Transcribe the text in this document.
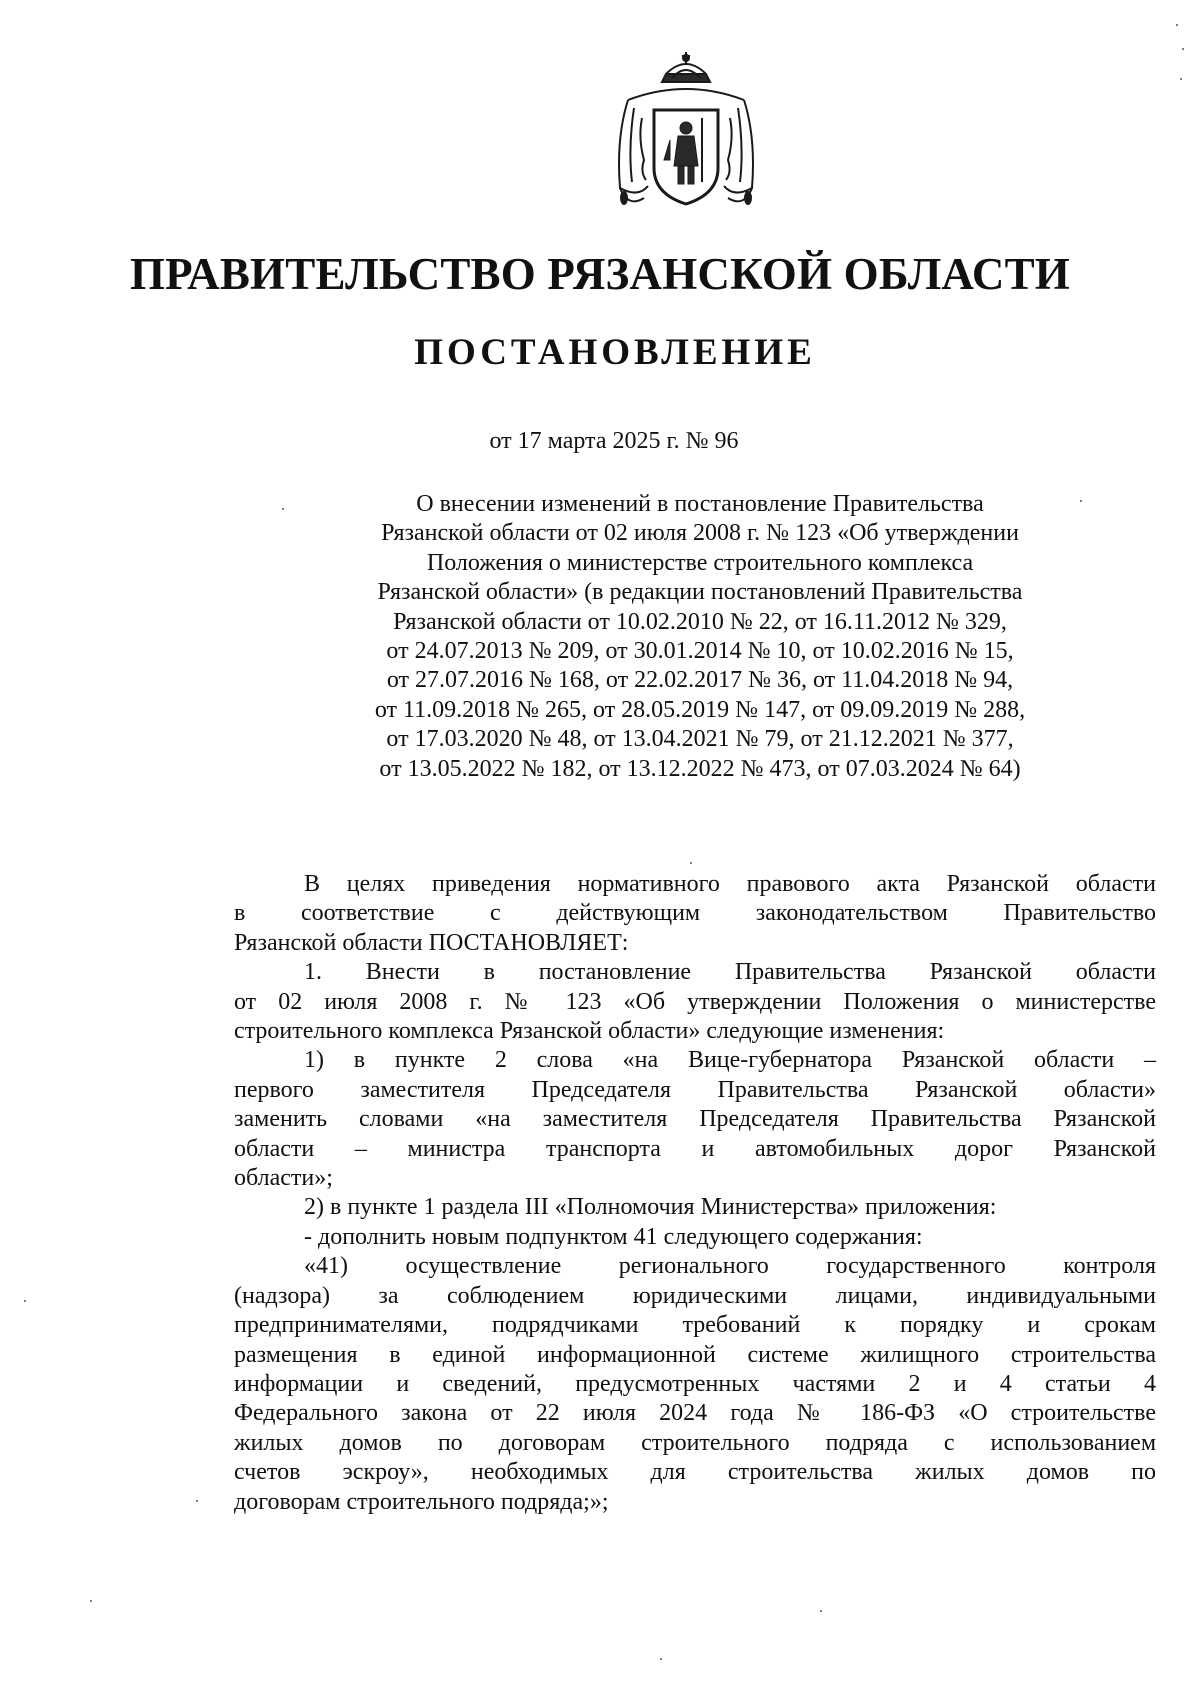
ПРАВИТЕЛЬСТВО РЯЗАНСКОЙ ОБЛАСТИ
ПОСТАНОВЛЕНИЕ
от 17 марта 2025 г. № 96
О внесении изменений в постановление Правительства
Рязанской области от 02 июля 2008 г. № 123 «Об утверждении
Положения о министерстве строительного комплекса
Рязанской области» (в редакции постановлений Правительства
Рязанской области от 10.02.2010 № 22, от 16.11.2012 № 329,
от 24.07.2013 № 209, от 30.01.2014 № 10, от 10.02.2016 № 15,
от 27.07.2016 № 168, от 22.02.2017 № 36, от 11.04.2018 № 94,
от 11.09.2018 № 265, от 28.05.2019 № 147, от 09.09.2019 № 288,
от 17.03.2020 № 48, от 13.04.2021 № 79, от 21.12.2021 № 377,
от 13.05.2022 № 182, от 13.12.2022 № 473, от 07.03.2024 № 64)
В целях приведения нормативного правового акта Рязанской области
в соответствие с действующим законодательством Правительство
Рязанской области ПОСТАНОВЛЯЕТ:
1. Внести в постановление Правительства Рязанской области
от 02 июля 2008 г. № 123 «Об утверждении Положения о министерстве
строительного комплекса Рязанской области» следующие изменения:
1) в пункте 2 слова «на Вице-губернатора Рязанской области –
первого заместителя Председателя Правительства Рязанской области»
заменить словами «на заместителя Председателя Правительства Рязанской
области – министра транспорта и автомобильных дорог Рязанской
области»;
2) в пункте 1 раздела III «Полномочия Министерства» приложения:
- дополнить новым подпунктом 41 следующего содержания:
«41) осуществление регионального государственного контроля
(надзора) за соблюдением юридическими лицами, индивидуальными
предпринимателями, подрядчиками требований к порядку и срокам
размещения в единой информационной системе жилищного строительства
информации и сведений, предусмотренных частями 2 и 4 статьи 4
Федерального закона от 22 июля 2024 года № 186-ФЗ «О строительстве
жилых домов по договорам строительного подряда с использованием
счетов эскроу», необходимых для строительства жилых домов по
договорам строительного подряда;»;
